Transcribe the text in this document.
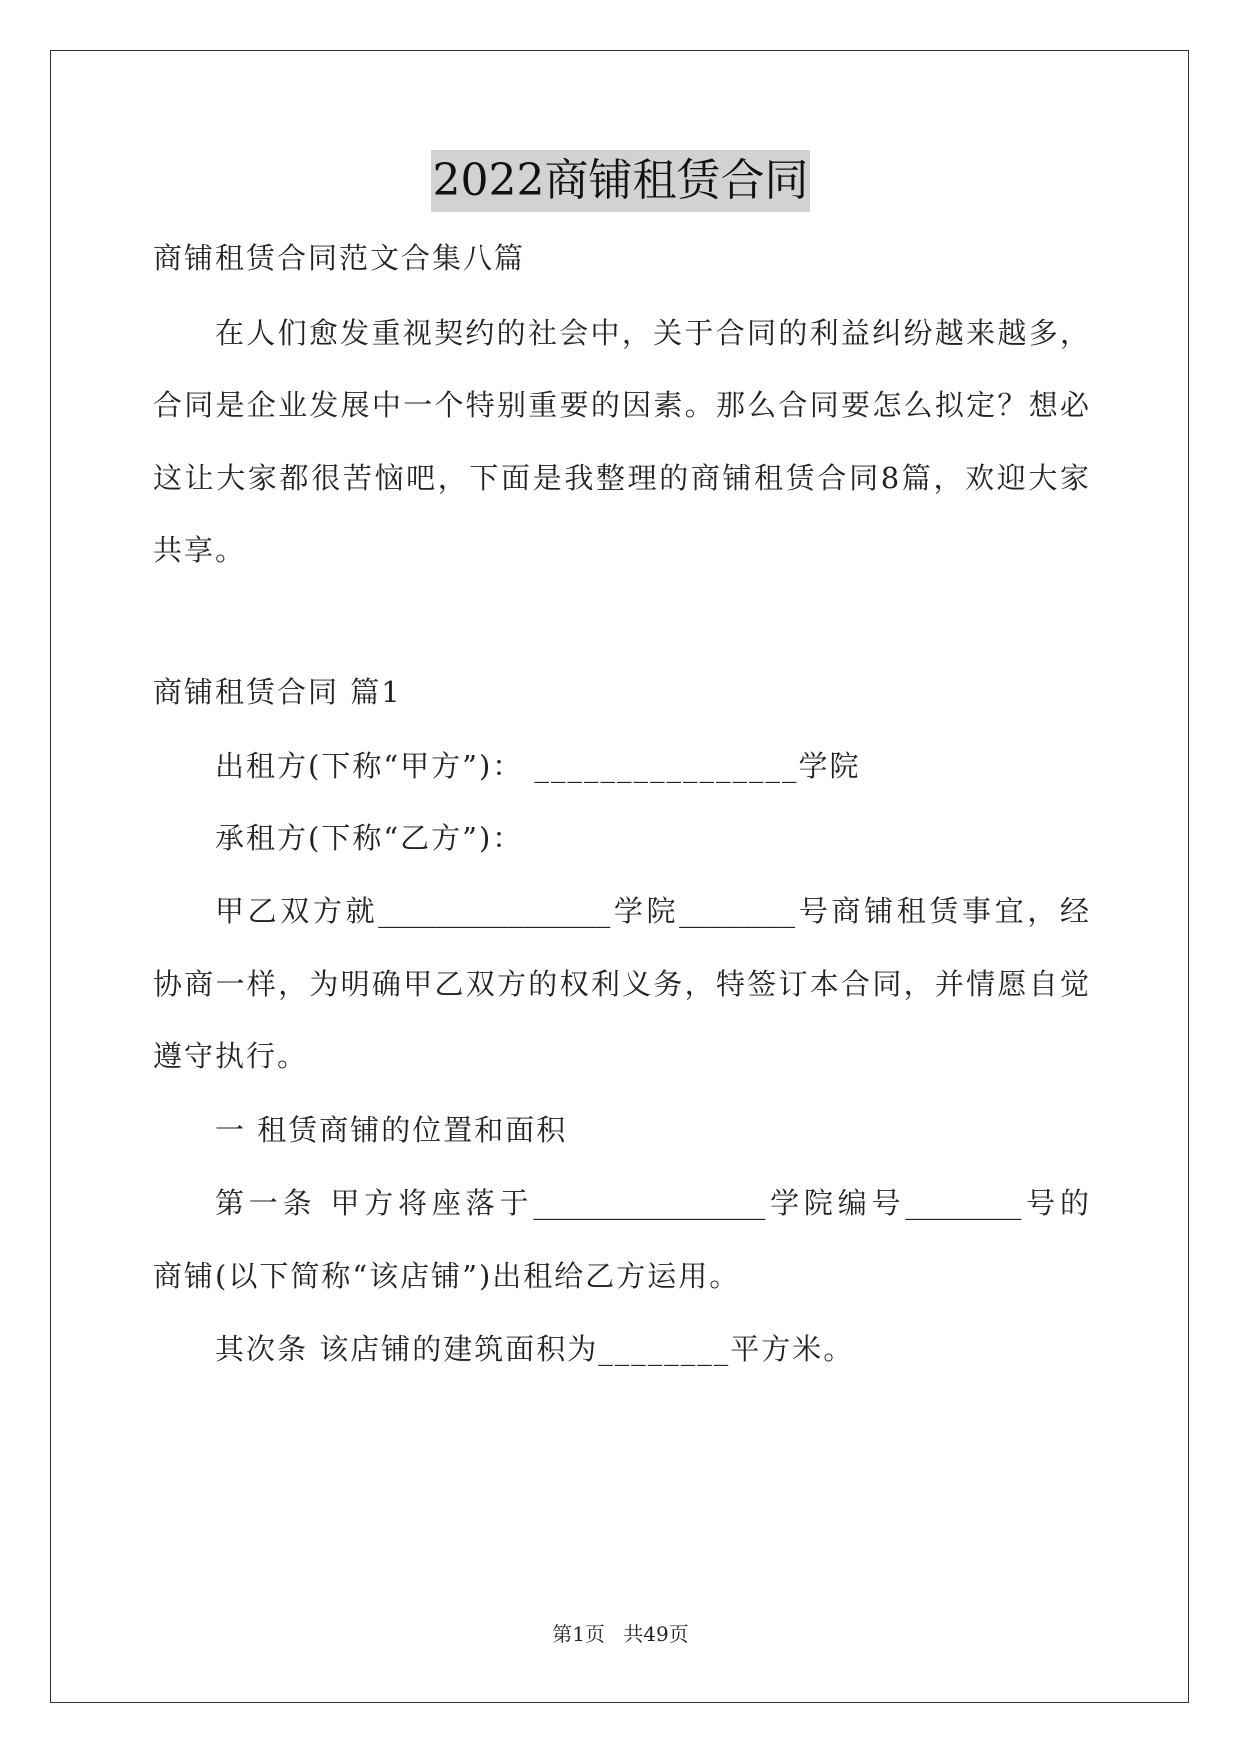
2022商铺租赁合同
商铺租赁合同范文合集八篇
在人们愈发重视契约的社会中，关于合同的利益纠纷越来越多，
合同是企业发展中一个特别重要的因素。那么合同要怎么拟定？想必
这让大家都很苦恼吧，下面是我整理的商铺租赁合同8篇，欢迎大家
共享。
商铺租赁合同 篇1
出租方(下称“甲方”)： ________________学院
承租方(下称“乙方”)：
甲乙双方就________________学院________号商铺租赁事宜，经
协商一样，为明确甲乙双方的权利义务，特签订本合同，并情愿自觉
遵守执行。
一 租赁商铺的位置和面积
第一条 甲方将座落于________________学院编号________号的
商铺(以下简称“该店铺”)出租给乙方运用。
其次条 该店铺的建筑面积为________平方米。
第1页 共49页
